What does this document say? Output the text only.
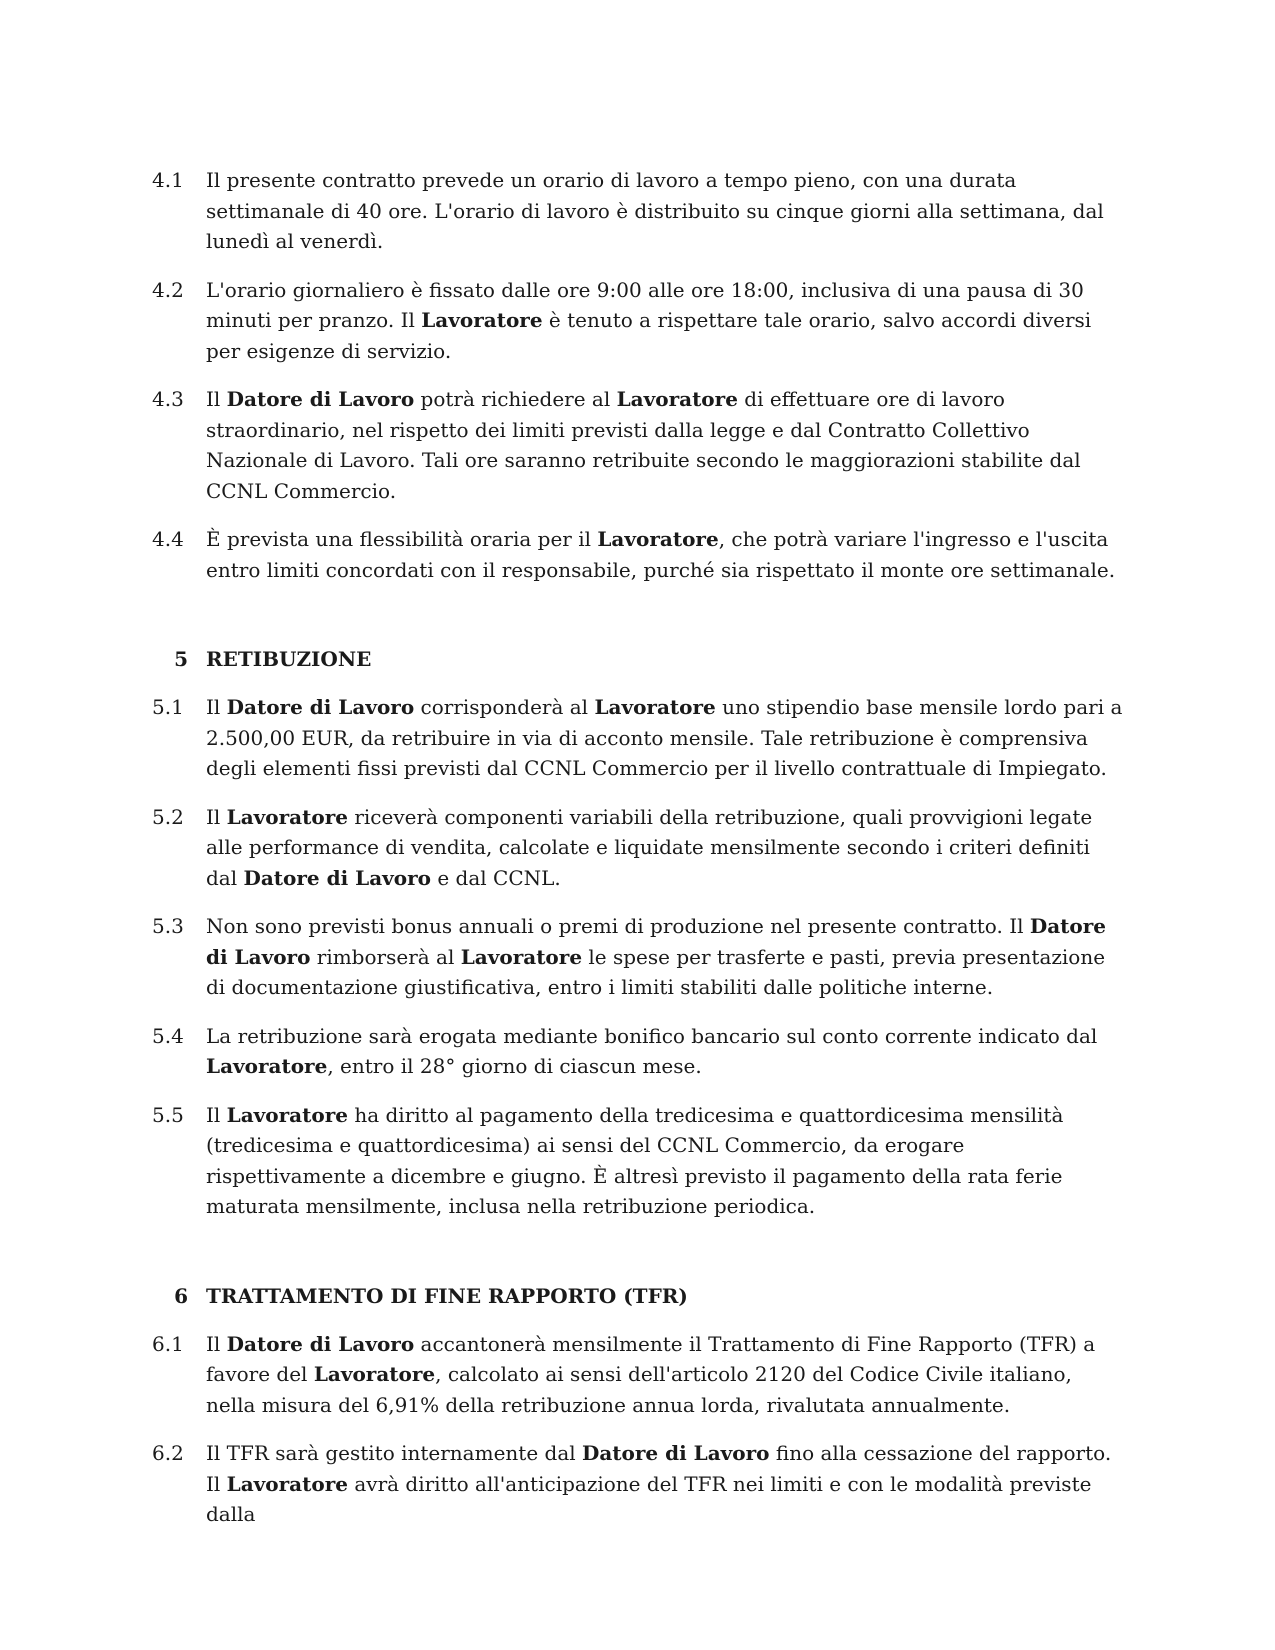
4.1	Il presente contratto prevede un orario di lavoro a tempo pieno, con una durata settimanale di 40 ore. L'orario di lavoro è distribuito su cinque giorni alla settimana, dal lunedì al venerdì.
4.2	L'orario giornaliero è fissato dalle ore 9:00 alle ore 18:00, inclusiva di una pausa di 30 minuti per pranzo. Il Lavoratore è tenuto a rispettare tale orario, salvo accordi diversi per esigenze di servizio.
4.3	Il Datore di Lavoro potrà richiedere al Lavoratore di effettuare ore di lavoro straordinario, nel rispetto dei limiti previsti dalla legge e dal Contratto Collettivo Nazionale di Lavoro. Tali ore saranno retribuite secondo le maggiorazioni stabilite dal CCNL Commercio.
4.4	È prevista una flessibilità oraria per il Lavoratore, che potrà variare l'ingresso e l'uscita entro limiti concordati con il responsabile, purché sia rispettato il monte ore settimanale.
5 RETIBUZIONE
5.1	Il Datore di Lavoro corrisponderà al Lavoratore uno stipendio base mensile lordo pari a 2.500,00 EUR, da retribuire in via di acconto mensile. Tale retribuzione è comprensiva degli elementi fissi previsti dal CCNL Commercio per il livello contrattuale di Impiegato.
5.2	Il Lavoratore riceverà componenti variabili della retribuzione, quali provvigioni legate alle performance di vendita, calcolate e liquidate mensilmente secondo i criteri definiti dal Datore di Lavoro e dal CCNL.
5.3	Non sono previsti bonus annuali o premi di produzione nel presente contratto. Il Datore di Lavoro rimborserà al Lavoratore le spese per trasferte e pasti, previa presentazione di documentazione giustificativa, entro i limiti stabiliti dalle politiche interne.
5.4	La retribuzione sarà erogata mediante bonifico bancario sul conto corrente indicato dal Lavoratore, entro il 28° giorno di ciascun mese.
5.5	Il Lavoratore ha diritto al pagamento della tredicesima e quattordicesima mensilità (tredicesima e quattordicesima) ai sensi del CCNL Commercio, da erogare rispettivamente a dicembre e giugno. È altresì previsto il pagamento della rata ferie maturata mensilmente, inclusa nella retribuzione periodica.
6 TRATTAMENTO DI FINE RAPPORTO (TFR)
6.1	Il Datore di Lavoro accantonerà mensilmente il Trattamento di Fine Rapporto (TFR) a favore del Lavoratore, calcolato ai sensi dell'articolo 2120 del Codice Civile italiano, nella misura del 6,91% della retribuzione annua lorda, rivalutata annualmente.
6.2	Il TFR sarà gestito internamente dal Datore di Lavoro fino alla cessazione del rapporto. Il Lavoratore avrà diritto all'anticipazione del TFR nei limiti e con le modalità previste dalla
